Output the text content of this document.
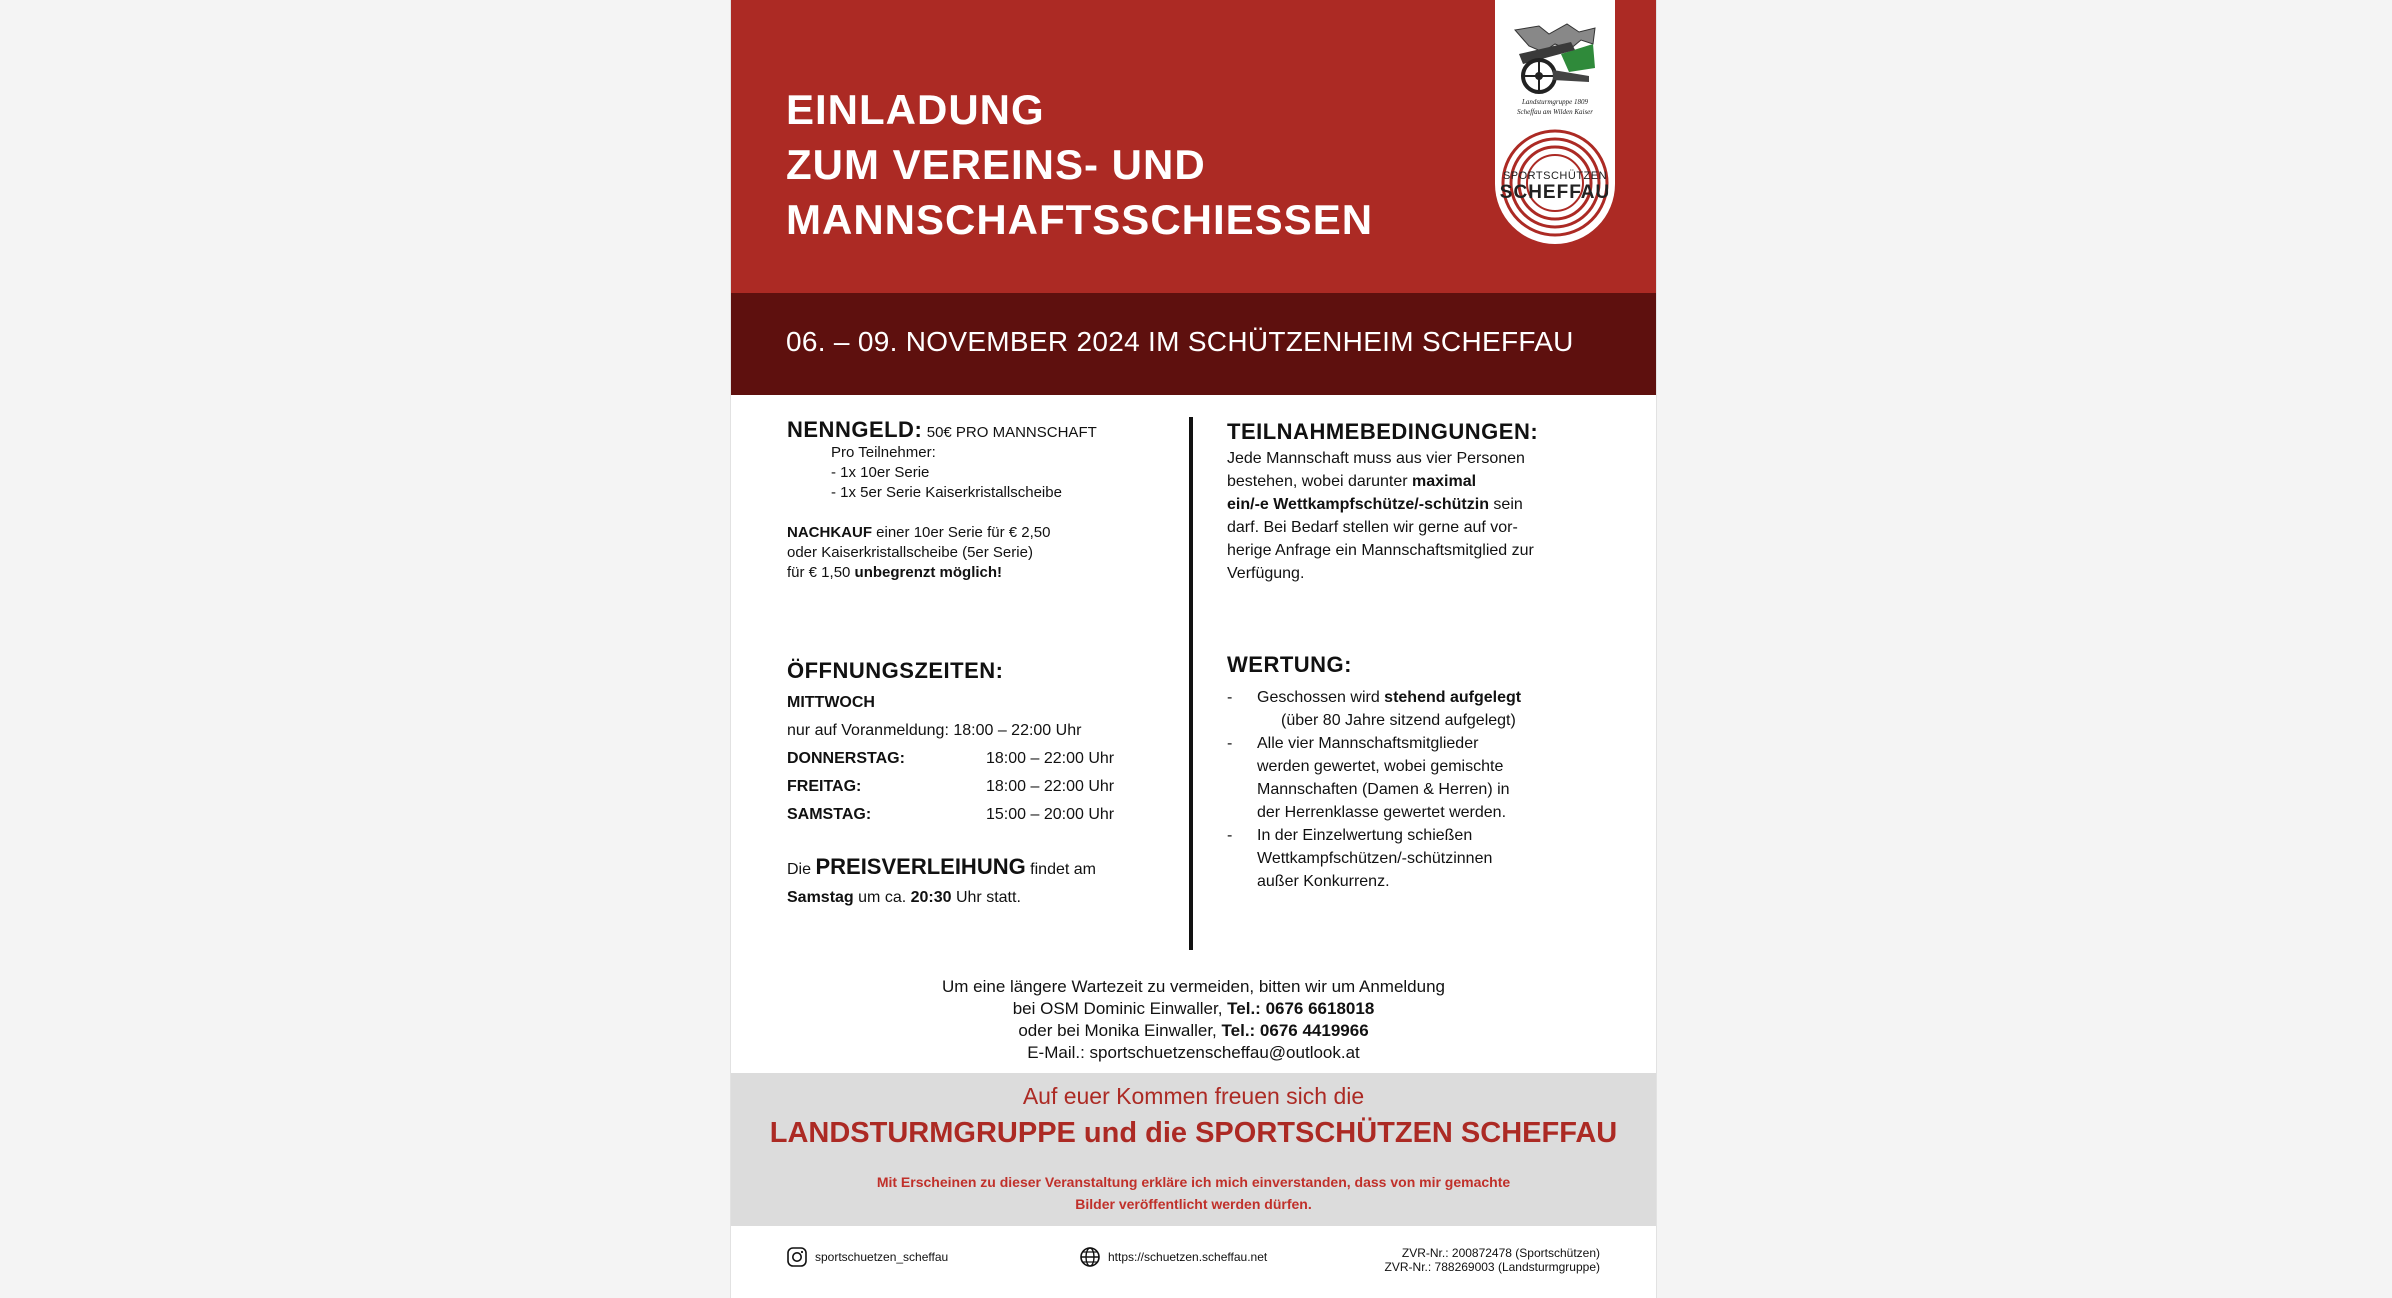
EINLADUNG
ZUM VEREINS- UND
MANNSCHAFTSSCHIESSEN
Landsturmgruppe 1809
Scheffau am Wilden Kaiser
SPORTSCHÜTZEN
SCHEFFAU
06. – 09. NOVEMBER 2024 IM SCHÜTZENHEIM SCHEFFAU
NENNGELD: 50€ PRO MANNSCHAFT
Pro Teilnehmer:
- 1x 10er Serie
- 1x 5er Serie Kaiserkristallscheibe
NACHKAUF einer 10er Serie für € 2,50
oder Kaiserkristallscheibe (5er Serie)
für € 1,50 unbegrenzt möglich!
ÖFFNUNGSZEITEN:
MITTWOCH
nur auf Voranmeldung: 18:00 – 22:00 Uhr
DONNERSTAG:	18:00 – 22:00 Uhr
FREITAG:	18:00 – 22:00 Uhr
SAMSTAG:	15:00 – 20:00 Uhr
Die PREISVERLEIHUNG findet am
Samstag um ca. 20:30 Uhr statt.
TEILNAHMEBEDINGUNGEN:
Jede Mannschaft muss aus vier Personen
bestehen, wobei darunter maximal
ein/-e Wettkampfschütze/-schützin sein
darf. Bei Bedarf stellen wir gerne auf vor-
herige Anfrage ein Mannschaftsmitglied zur
Verfügung.
WERTUNG:
- Geschossen wird stehend aufgelegt
(über 80 Jahre sitzend aufgelegt)
- Alle vier Mannschaftsmitglieder
werden gewertet, wobei gemischte
Mannschaften (Damen & Herren) in
der Herrenklasse gewertet werden.
- In der Einzelwertung schießen
Wettkampfschützen/-schützinnen
außer Konkurrenz.
Um eine längere Wartezeit zu vermeiden, bitten wir um Anmeldung
bei OSM Dominic Einwaller, Tel.: 0676 6618018
oder bei Monika Einwaller, Tel.: 0676 4419966
E-Mail.: sportschuetzenscheffau@outlook.at
Auf euer Kommen freuen sich die
LANDSTURMGRUPPE und die SPORTSCHÜTZEN SCHEFFAU
Mit Erscheinen zu dieser Veranstaltung erkläre ich mich einverstanden, dass von mir gemachte
Bilder veröffentlicht werden dürfen.
sportschuetzen_scheffau	https://schuetzen.scheffau.net	ZVR-Nr.: 200872478 (Sportschützen)
ZVR-Nr.: 788269003 (Landsturmgruppe)
